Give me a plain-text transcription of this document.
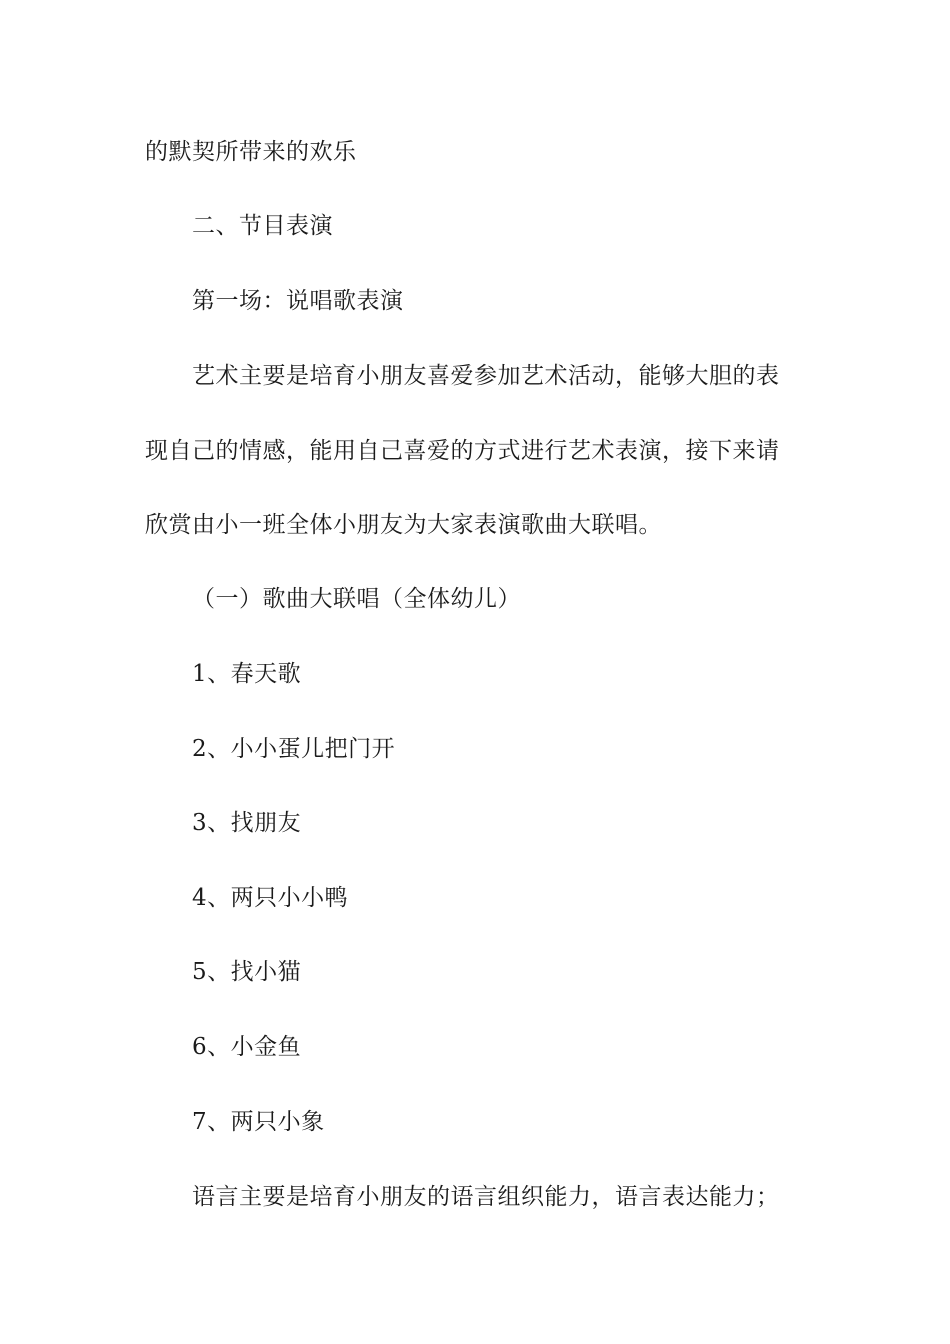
的默契所带来的欢乐
二、节目表演
第一场：说唱歌表演
艺术主要是培育小朋友喜爱参加艺术活动，能够大胆的表
现自己的情感，能用自己喜爱的方式进行艺术表演，接下来请
欣赏由小一班全体小朋友为大家表演歌曲大联唱。
（一）歌曲大联唱（全体幼儿）
1、春天歌
2、小小蛋儿把门开
3、找朋友
4、两只小小鸭
5、找小猫
6、小金鱼
7、两只小象
语言主要是培育小朋友的语言组织能力，语言表达能力；
